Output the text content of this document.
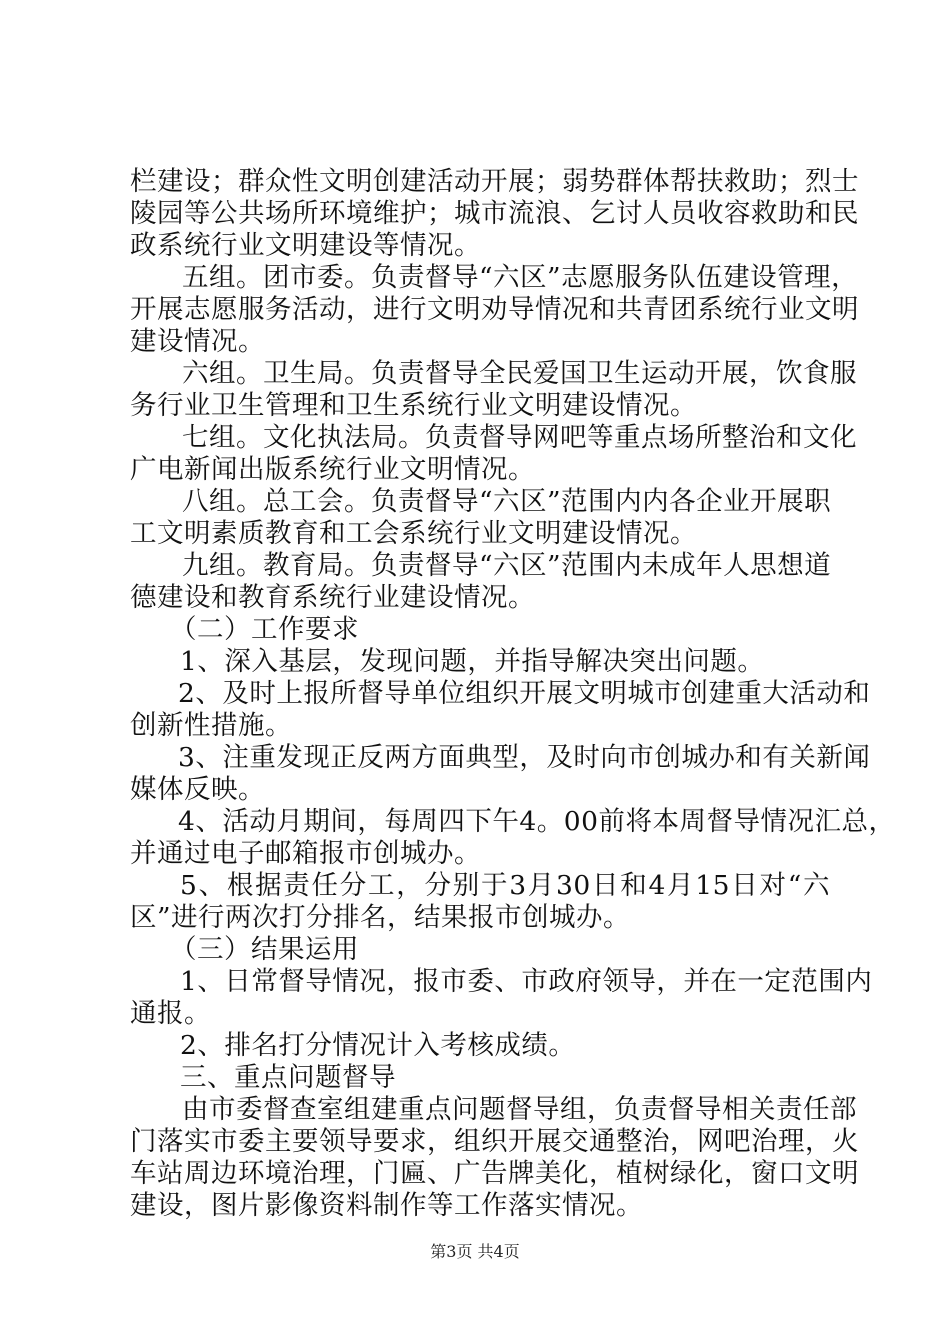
栏建设；群众性文明创建活动开展；弱势群体帮扶救助；烈士
陵园等公共场所环境维护；城市流浪、乞讨人员收容救助和民
政系统行业文明建设等情况。
五组。团市委。负责督导“六区”志愿服务队伍建设管理，
开展志愿服务活动，进行文明劝导情况和共青团系统行业文明
建设情况。
六组。卫生局。负责督导全民爱国卫生运动开展，饮食服
务行业卫生管理和卫生系统行业文明建设情况。
七组。文化执法局。负责督导网吧等重点场所整治和文化
广电新闻出版系统行业文明情况。
八组。总工会。负责督导“六区”范围内内各企业开展职
工文明素质教育和工会系统行业文明建设情况。
九组。教育局。负责督导“六区”范围内未成年人思想道
德建设和教育系统行业建设情况。
（二）工作要求
1、深入基层，发现问题，并指导解决突出问题。
2、及时上报所督导单位组织开展文明城市创建重大活动和
创新性措施。
3、注重发现正反两方面典型，及时向市创城办和有关新闻
媒体反映。
4、活动月期间，每周四下午4。00前将本周督导情况汇总，
并通过电子邮箱报市创城办。
5、根据责任分工，分别于3月30日和4月15日对“六
区”进行两次打分排名，结果报市创城办。
（三）结果运用
1、日常督导情况，报市委、市政府领导，并在一定范围内
通报。
2、排名打分情况计入考核成绩。
三、重点问题督导
由市委督查室组建重点问题督导组，负责督导相关责任部
门落实市委主要领导要求，组织开展交通整治，网吧治理，火
车站周边环境治理，门匾、广告牌美化，植树绿化，窗口文明
建设，图片影像资料制作等工作落实情况。
第3页 共4页
